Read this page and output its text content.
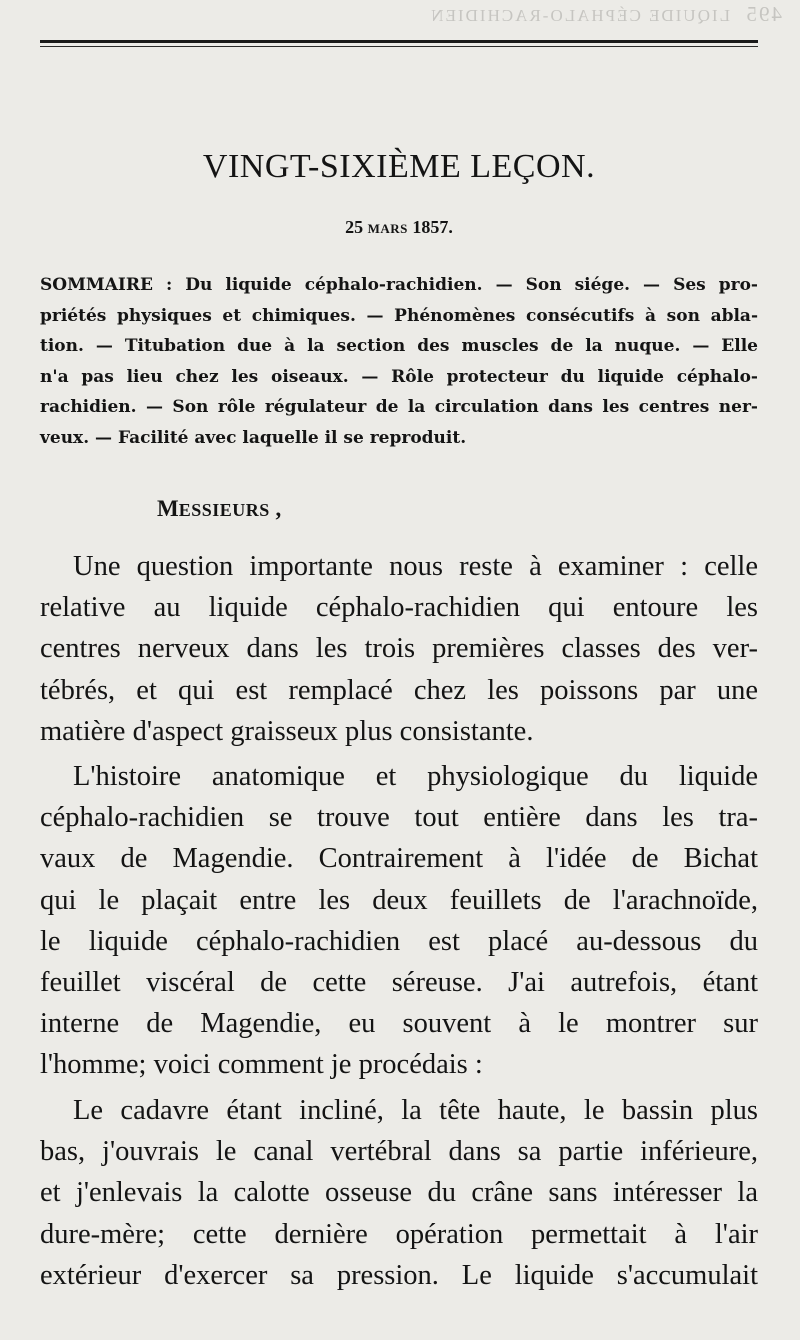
495
LIQUIDE CÉPHALO-RACHIDIEN
VINGT-SIXIÈME LEÇON.
25 MARS 1857.
SOMMAIRE : Du liquide céphalo-rachidien. — Son siége. — Ses pro-
priétés physiques et chimiques. — Phénomènes consécutifs à son abla-
tion. — Titubation due à la section des muscles de la nuque. — Elle
n'a pas lieu chez les oiseaux. — Rôle protecteur du liquide céphalo-
rachidien. — Son rôle régulateur de la circulation dans les centres ner-
veux. — Facilité avec laquelle il se reproduit.
MESSIEURS ,
Une question importante nous reste à examiner : celle
relative au liquide céphalo-rachidien qui entoure les
centres nerveux dans les trois premières classes des ver-
tébrés, et qui est remplacé chez les poissons par une
matière d'aspect graisseux plus consistante.
L'histoire anatomique et physiologique du liquide
céphalo-rachidien se trouve tout entière dans les tra-
vaux de Magendie. Contrairement à l'idée de Bichat
qui le plaçait entre les deux feuillets de l'arachnoïde,
le liquide céphalo-rachidien est placé au-dessous du
feuillet viscéral de cette séreuse. J'ai autrefois, étant
interne de Magendie, eu souvent à le montrer sur
l'homme; voici comment je procédais :
Le cadavre étant incliné, la tête haute, le bassin plus
bas, j'ouvrais le canal vertébral dans sa partie inférieure,
et j'enlevais la calotte osseuse du crâne sans intéresser la
dure-mère; cette dernière opération permettait à l'air
extérieur d'exercer sa pression. Le liquide s'accumulait
